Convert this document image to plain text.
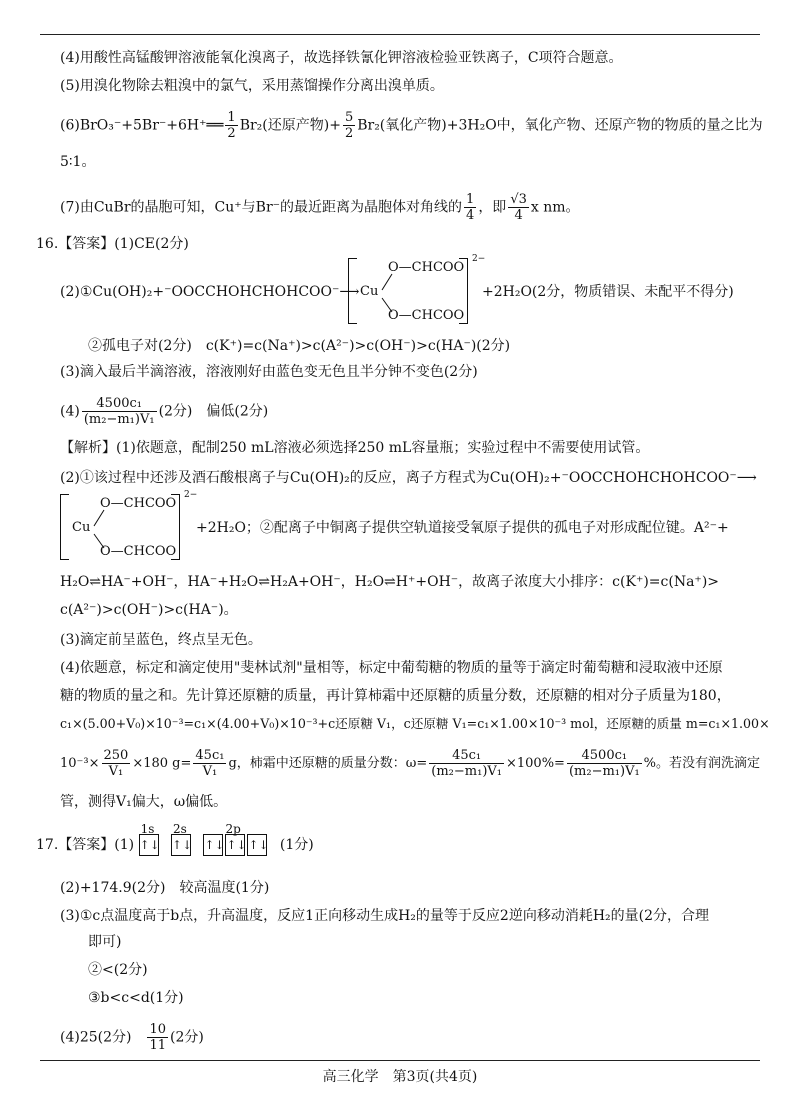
(4)用酸性高锰酸钾溶液能氧化溴离子，故选择铁氰化钾溶液检验亚铁离子，C项符合题意。
(5)用溴化物除去粗溴中的氯气，采用蒸馏操作分离出溴单质。
(6)BrO₃⁻+5Br⁻+6H⁺══ $\frac{1}{2} Br_2$(还原产物)+ $\frac{5}{2} Br_2$(氧化产物)+3H₂O中，氧化产物、还原产物的物质的量之比为
5∶1。
(7)由CuBr的晶胞可知，Cu⁺与Br⁻的最近距离为晶胞体对角线的 $\frac{1}{4}$ ，即 $\frac{√3}{4}$ x nm。
16.【答案】(1)CE(2分)
(2)①Cu(OH)₂+⁻OOCCHOHCHOHCOO⁻⟶
O—CHCOO
Cu
O—CHCOO
2−
+2H₂O(2分，物质错误、未配平不得分)
②孤电子对(2分)　c(K⁺)=c(Na⁺)>c(A²⁻)>c(OH⁻)>c(HA⁻)(2分)
(3)滴入最后半滴溶液，溶液刚好由蓝色变无色且半分钟不变色(2分)
$(4) \frac{\text{4500c₁}}{\text{(m₂−m₁)V₁}} (2$分)　偏低(2分)
【解析】(1)依题意，配制250 mL溶液必须选择250 mL容量瓶；实验过程中不需要使用试管。
(2)①该过程中还涉及酒石酸根离子与Cu(OH)₂的反应，离子方程式为Cu(OH)₂+⁻OOCCHOHCHOHCOO⁻⟶
O—CHCOO
Cu
O—CHCOO
2−
+2H₂O；②配离子中铜离子提供空轨道接受氧原子提供的孤电子对形成配位键。A²⁻+
H₂O⇌HA⁻+OH⁻，HA⁻+H₂O⇌H₂A+OH⁻，H₂O⇌H⁺+OH⁻，故离子浓度大小排序：c(K⁺)=c(Na⁺)>
c(A²⁻)>c(OH⁻)>c(HA⁻)。
(3)滴定前呈蓝色，终点呈无色。
(4)依题意，标定和滴定使用"斐林试剂"量相等，标定中葡萄糖的物质的量等于滴定时葡萄糖和浸取液中还原
糖的物质的量之和。先计算还原糖的质量，再计算柿霜中还原糖的质量分数，还原糖的相对分子质量为180，
c₁×(5.00+V₀)×10⁻³=c₁×(4.00+V₀)×10⁻³+c还原糖 V₁，c还原糖 V₁=c₁×1.00×10⁻³ mol，还原糖的质量 m=c₁×1.00×
$10^{-3}\times \frac{250}{\text{V₁}} \times 180$ $g= \frac{\text{45c₁}}{\text{V₁}}$ g，柿霜中还原糖的质量分数：$\omega= \frac{\text{45c₁}}{\text{(m₂−m₁)V₁}} \times 100\%= \frac{\text{4500c₁}}{\text{(m₂−m₁)V₁}}$ %。若没有润洗滴定
管，测得V₁偏大，ω偏低。
17.【答案】(1)
1s
↑↓
2s
↑↓
2p
↑↓ ↑↓ ↑↓ (1分)
(2)+174.9(2分)　较高温度(1分)
(3)①c点温度高于b点，升高温度，反应1正向移动生成H₂的量等于反应2逆向移动消耗H₂的量(2分，合理
即可)
②<(2分)
③b<c<d(1分)
(4)25(2分)　 $\frac{10}{11} (2$分)
高三化学　第3页(共4页)
